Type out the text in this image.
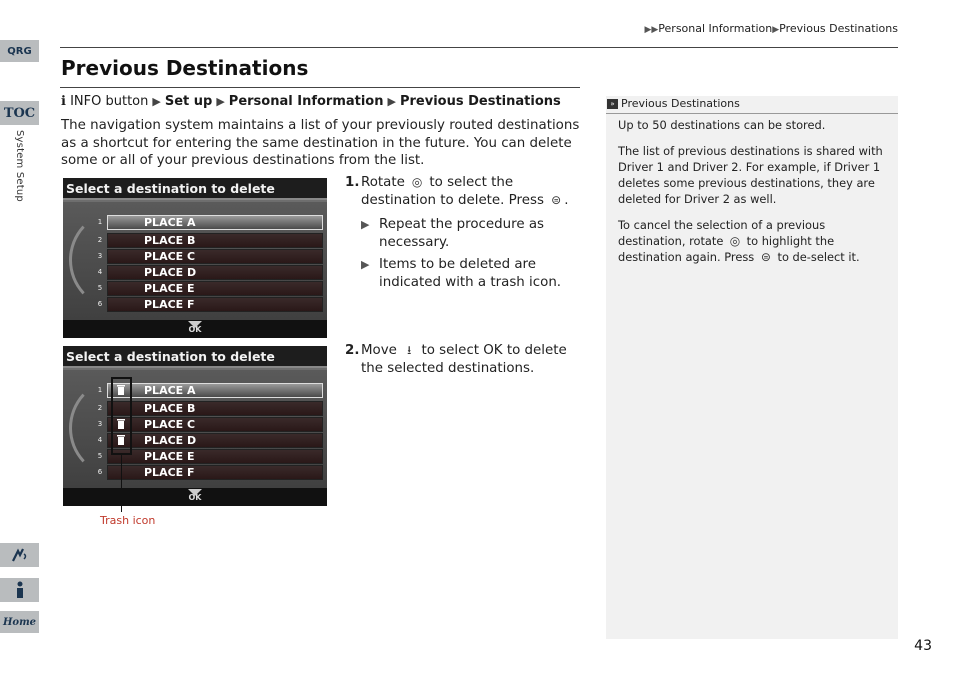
QRG
TOC
System Setup
Home
▶▶Personal Information▶Previous Destinations
Previous Destinations
ℹ INFO button ▶ Set up ▶ Personal Information ▶ Previous Destinations
The navigation system maintains a list of your previously routed destinations as a shortcut for entering the same destination in the future. You can delete some or all of your previous destinations from the list.
Select a destination to delete
1	PLACE A
2	PLACE B
3	PLACE C
4	PLACE D
5	PLACE E
6	PLACE F
OK
Select a destination to delete
1	PLACE A
2	PLACE B
3	PLACE C
4	PLACE D
5	PLACE E
6	PLACE F
OK
Trash icon
1. Rotate ◎ to select the destination to delete. Press ⊜ .
▶ Repeat the procedure as necessary.
▶ Items to be deleted are indicated with a trash icon.
2. Move ⭳ to select OK to delete the selected destinations.
» Previous Destinations

Up to 50 destinations can be stored.

The list of previous destinations is shared with Driver 1 and Driver 2. For example, if Driver 1 deletes some previous destinations, they are deleted for Driver 2 as well.

To cancel the selection of a previous destination, rotate ◎ to highlight the destination again. Press ⊜ to de-select it.

43
